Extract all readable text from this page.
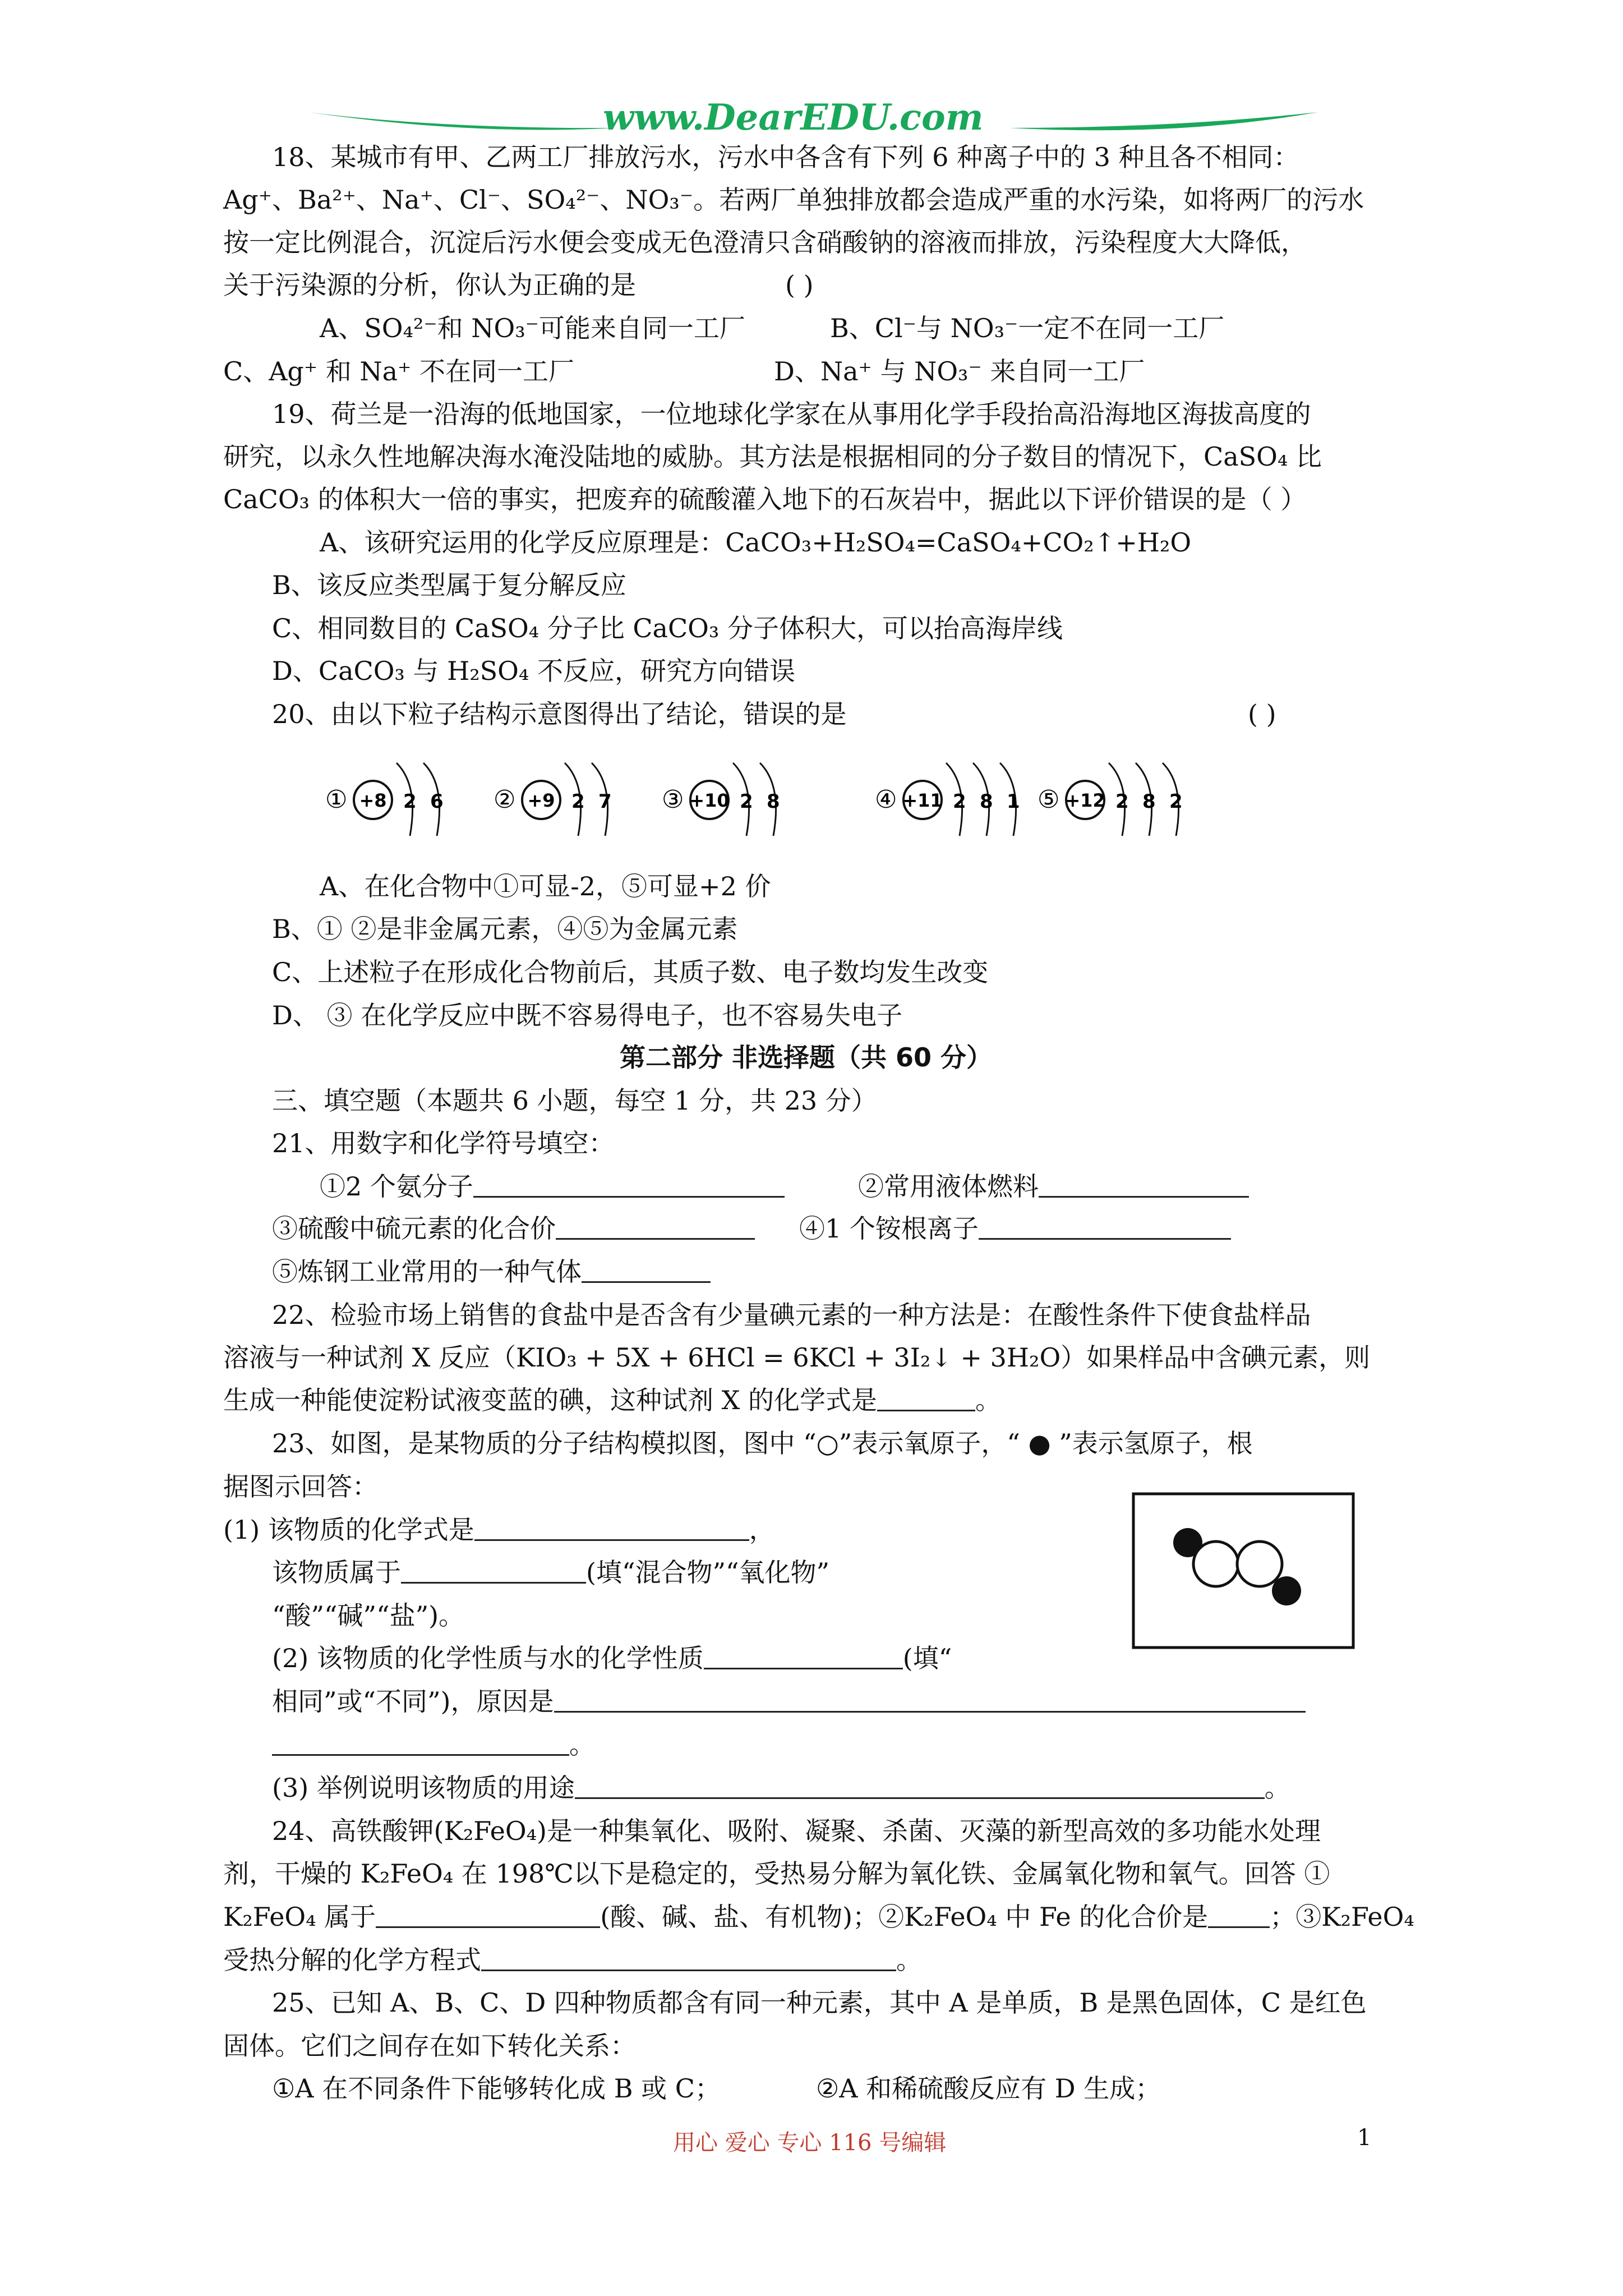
www.DearEDU.com
18、某城市有甲、乙两工厂排放污水，污水中各含有下列 6 种离子中的 3 种且各不相同：
Ag⁺、Ba²⁺、Na⁺、Cl⁻、SO₄²⁻、NO₃⁻。若两厂单独排放都会造成严重的水污染，如将两厂的污水
按一定比例混合，沉淀后污水便会变成无色澄清只含硝酸钠的溶液而排放，污染程度大大降低，
关于污染源的分析，你认为正确的是	( )
A、SO₄²⁻和 NO₃⁻可能来自同一工厂	B、Cl⁻与 NO₃⁻一定不在同一工厂
C、Ag⁺ 和 Na⁺ 不在同一工厂	D、Na⁺ 与 NO₃⁻ 来自同一工厂
19、荷兰是一沿海的低地国家，一位地球化学家在从事用化学手段抬高沿海地区海拔高度的
研究，以永久性地解决海水淹没陆地的威胁。其方法是根据相同的分子数目的情况下，CaSO₄ 比
CaCO₃ 的体积大一倍的事实，把废弃的硫酸灌入地下的石灰岩中，据此以下评价错误的是（ ）
A、该研究运用的化学反应原理是：CaCO₃+H₂SO₄=CaSO₄+CO₂↑+H₂O
B、该反应类型属于复分解反应
C、相同数目的 CaSO₄ 分子比 CaCO₃ 分子体积大，可以抬高海岸线
D、CaCO₃ 与 H₂SO₄ 不反应，研究方向错误
20、由以下粒子结构示意图得出了结论，错误的是	( )
① +8 2 6 ② +9 2 7 ③ +10 2 8	④ +11 2 8 1 ⑤ +12 2 8 2
A、在化合物中①可显-2，⑤可显+2 价
B、① ②是非金属元素，④⑤为金属元素
C、上述粒子在形成化合物前后，其质子数、电子数均发生改变
D、 ③ 在化学反应中既不容易得电子，也不容易失电子
第二部分 非选择题（共 60 分）
三、填空题（本题共 6 小题，每空 1 分，共 23 分）
21、用数字和化学符号填空：
①2 个氨分子	②常用液体燃料
③硫酸中硫元素的化合价	④1 个铵根离子
⑤炼钢工业常用的一种气体
22、检验市场上销售的食盐中是否含有少量碘元素的一种方法是：在酸性条件下使食盐样品
溶液与一种试剂 X 反应（KIO₃ + 5X + 6HCl = 6KCl + 3I₂↓ + 3H₂O）如果样品中含碘元素，则
生成一种能使淀粉试液变蓝的碘，这种试剂 X 的化学式是	。
23、如图，是某物质的分子结构模拟图，图中 “○”表示氧原子，“ ● ”表示氢原子，根
据图示回答：
(1) 该物质的化学式是	，
该物质属于	(填“混合物”“氧化物”
“酸”“碱”“盐”)。
(2) 该物质的化学性质与水的化学性质	(填“
相同”或“不同”)，原因是
。
(3) 举例说明该物质的用途	。
24、高铁酸钾(K₂FeO₄)是一种集氧化、吸附、凝聚、杀菌、灭藻的新型高效的多功能水处理
剂，干燥的 K₂FeO₄ 在 198℃以下是稳定的，受热易分解为氧化铁、金属氧化物和氧气。回答 ①
K₂FeO₄ 属于	(酸、碱、盐、有机物)；②K₂FeO₄ 中 Fe 的化合价是 ；③K₂FeO₄
受热分解的化学方程式	。
25、已知 A、B、C、D 四种物质都含有同一种元素，其中 A 是单质，B 是黑色固体，C 是红色
固体。它们之间存在如下转化关系：
①A 在不同条件下能够转化成 B 或 C；	②A 和稀硫酸反应有 D 生成；
用心 爱心 专心 116 号编辑	1
